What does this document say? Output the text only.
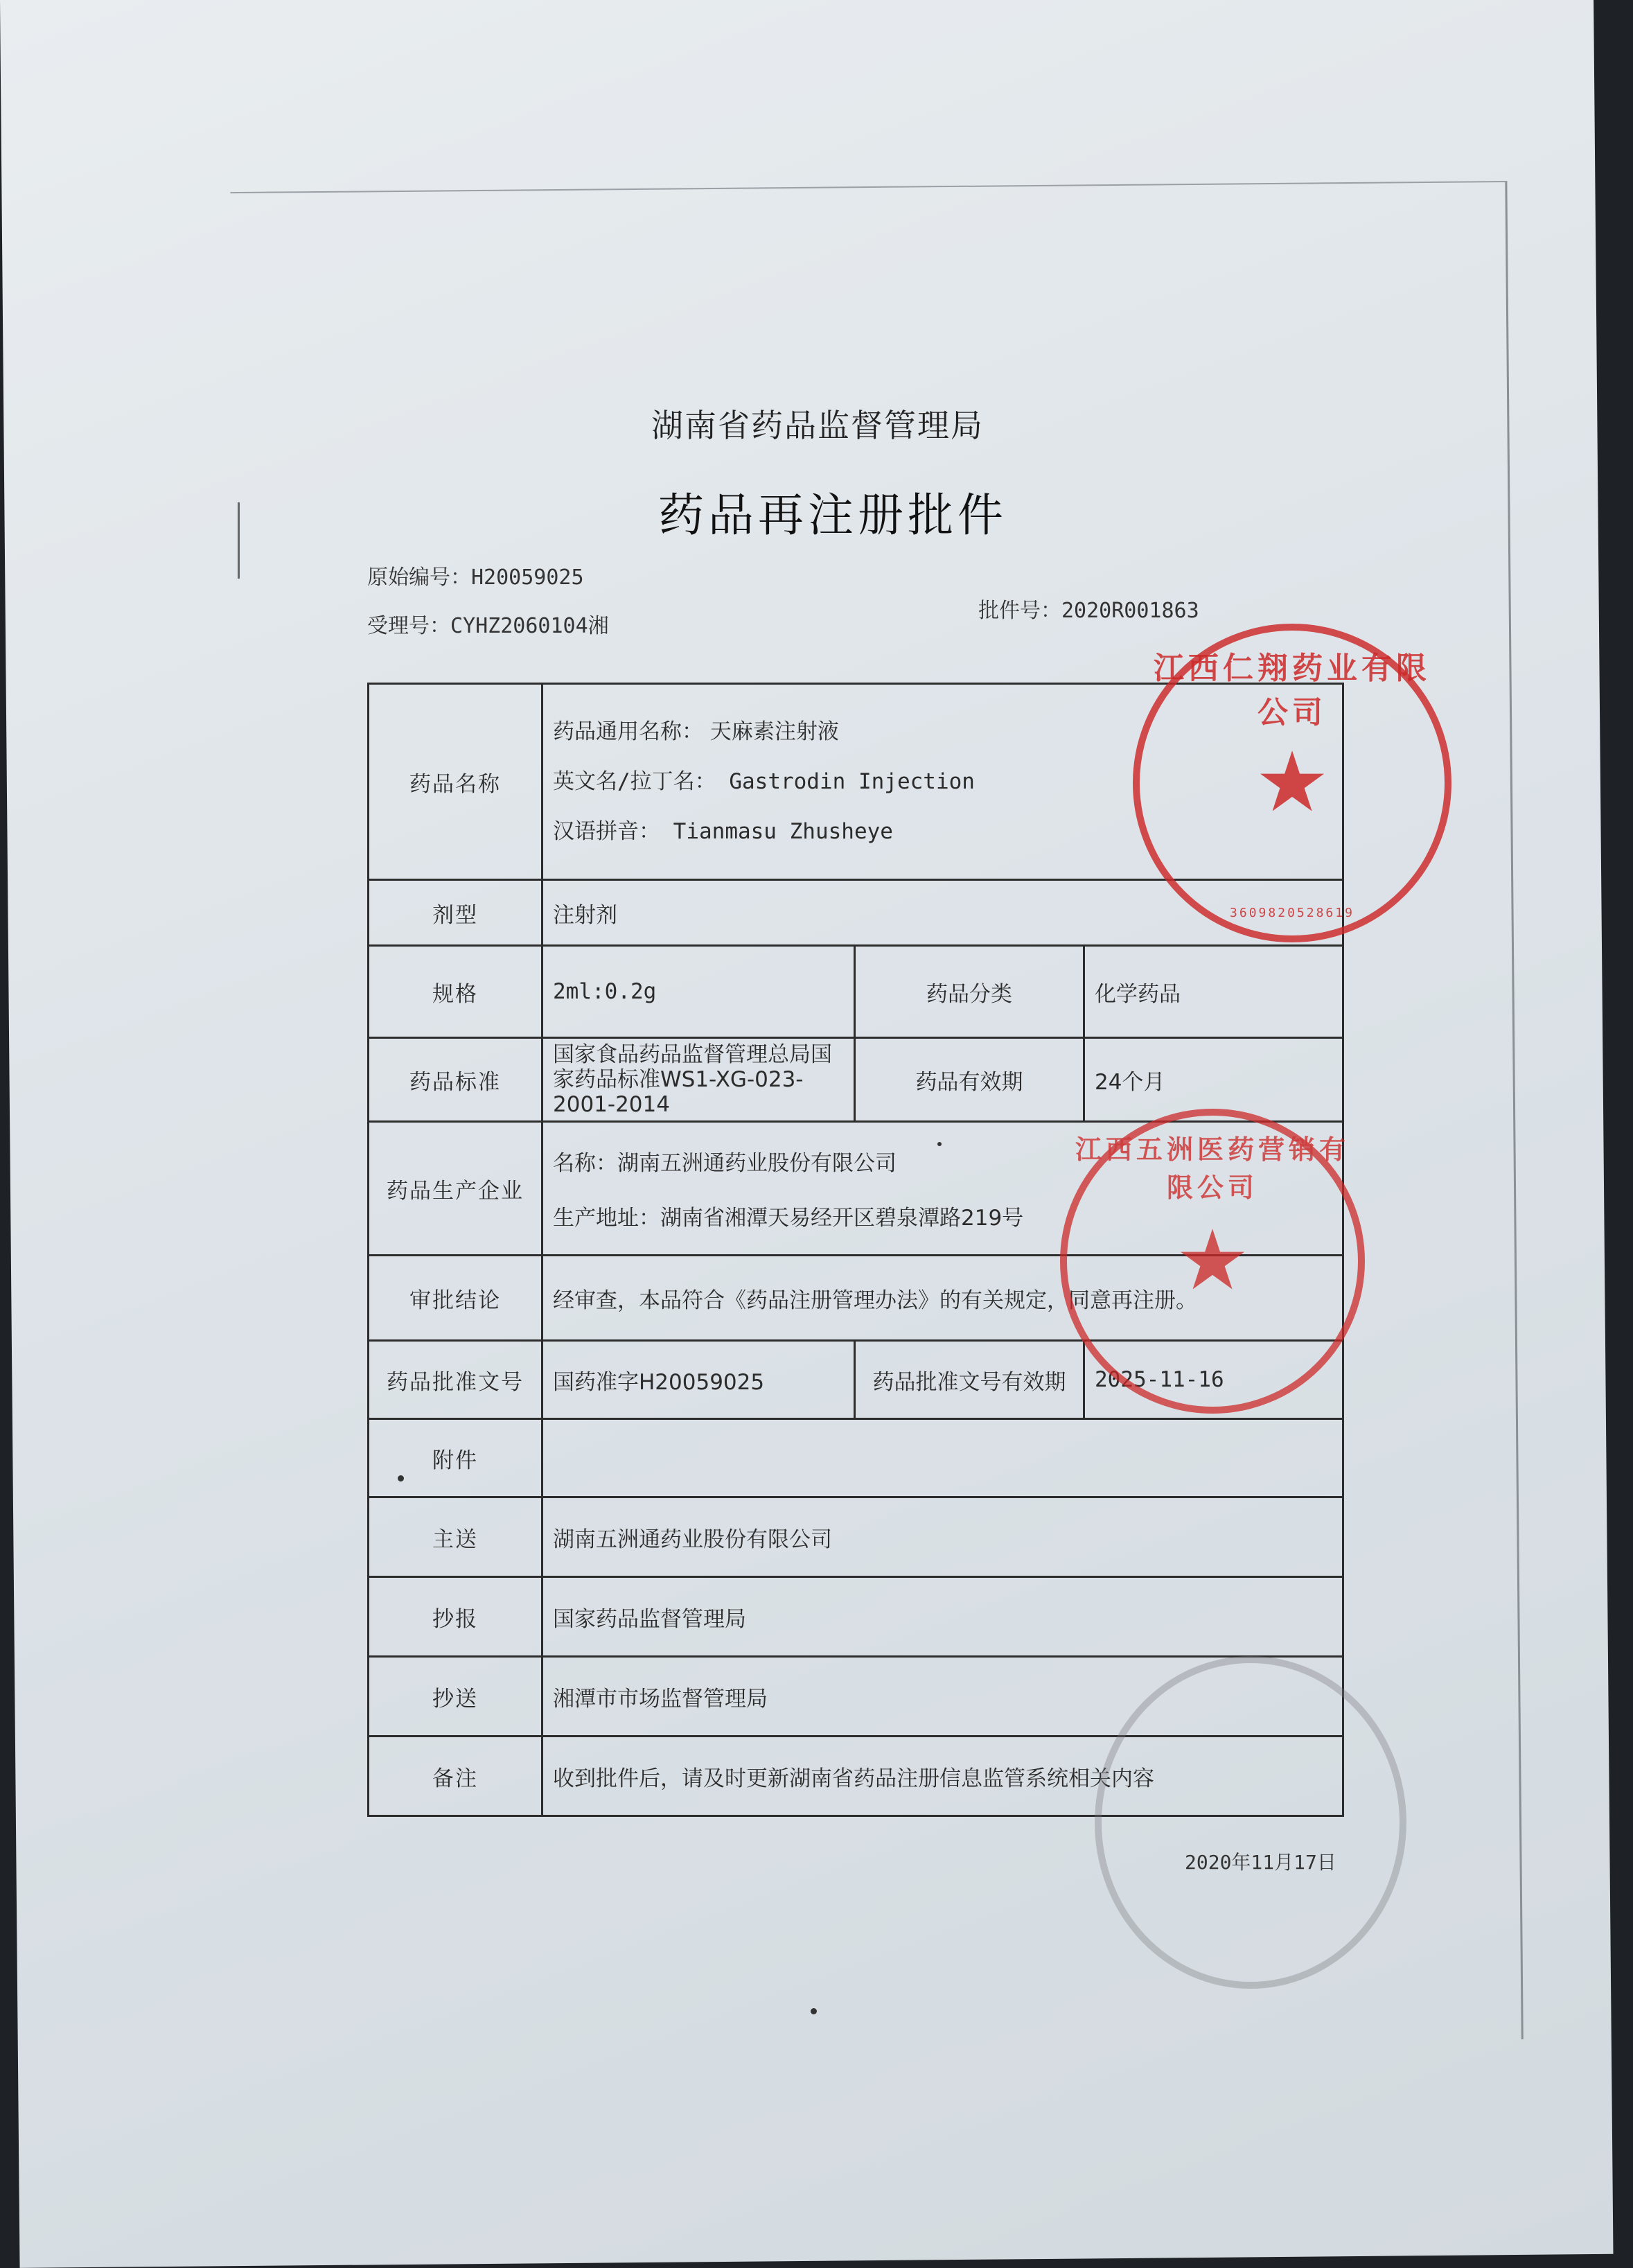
湖南省药品监督管理局
药品再注册批件
原始编号：H20059025
受理号：CYHZ2060104湘
批件号：2020R001863
药品名称	药品通用名称： 天麻素注射液
英文名/拉丁名： Gastrodin Injection
汉语拼音： Tianmasu Zhusheye		

剂型	注射剂		
规格	2ml:0.2g	药品分类	化学药品
药品标准	国家食品药品监督管理总局国家药品标准WS1-XG-023-2001-2014	药品有效期	24个月
药品生产企业	名称：湖南五洲通药业股份有限公司
生产地址：湖南省湘潭天易经开区碧泉潭路219号		

审批结论	经审查，本品符合《药品注册管理办法》的有关规定，同意再注册。		
药品批准文号	国药准字H20059025	药品批准文号有效期	2025-11-16
附件			
主送	湖南五洲通药业股份有限公司		
抄报	国家药品监督管理局		
抄送	湘潭市市场监督管理局		
备注	收到批件后，请及时更新湖南省药品注册信息监管系统相关内容		
江西仁翔药业有限公司
★
3609820528619
江西五洲医药营销有限公司
★
2020年11月17日
